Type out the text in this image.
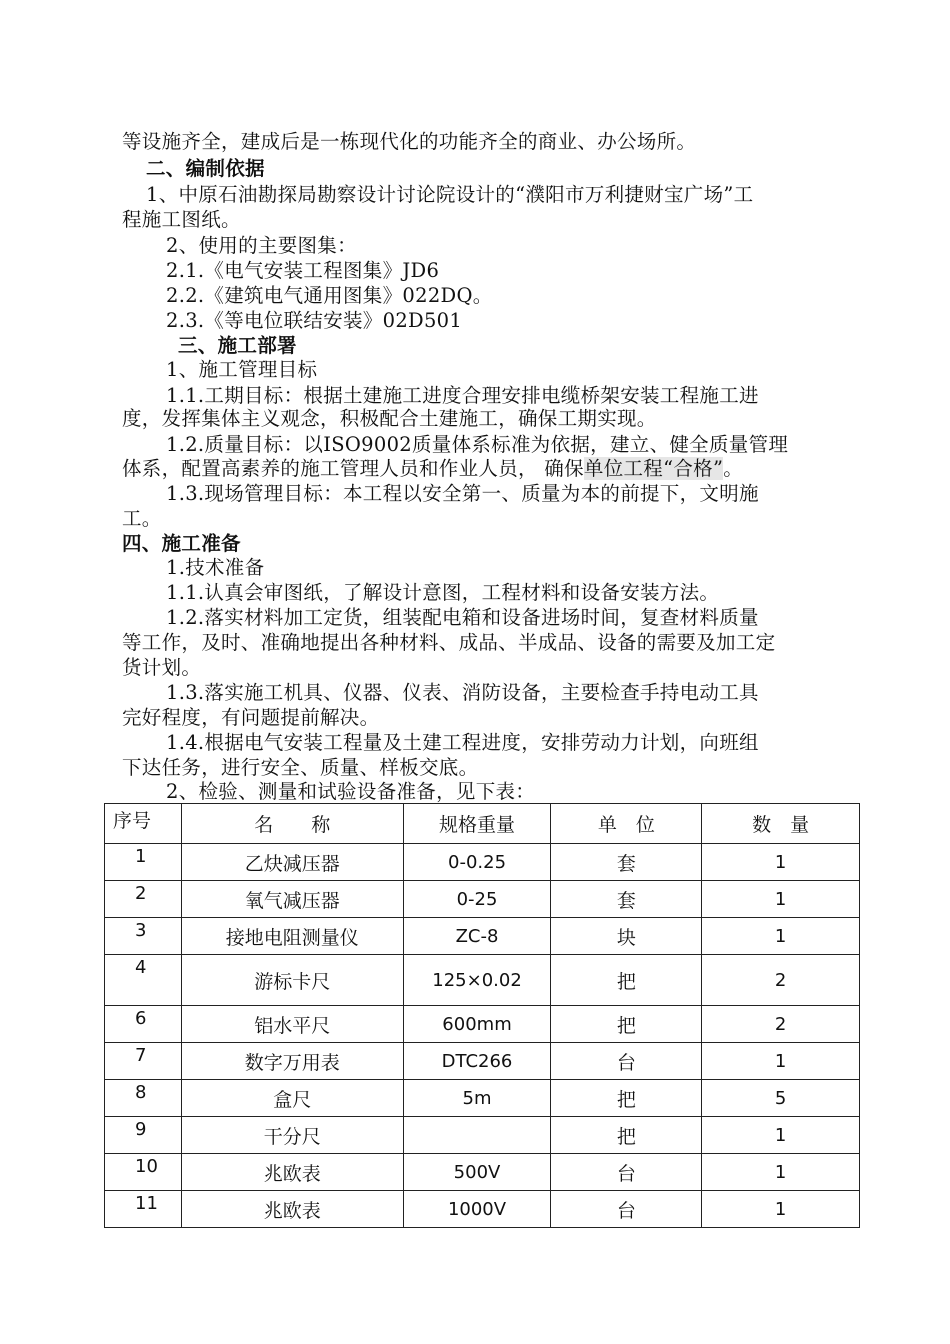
等设施齐全，建成后是一栋现代化的功能齐全的商业、办公场所。
二、编制依据
1、中原石油勘探局勘察设计讨论院设计的“濮阳市万利捷财宝广场”工
程施工图纸。
2、使用的主要图集：
2.1.《电气安装工程图集》JD6
2.2.《建筑电气通用图集》022DQ。
2.3.《等电位联结安装》02D501
三、施工部署
1、施工管理目标
1.1.工期目标：根据土建施工进度合理安排电缆桥架安装工程施工进
度，发挥集体主义观念，积极配合土建施工，确保工期实现。
1.2.质量目标：以ISO9002质量体系标准为依据，建立、健全质量管理
体系，配置高素养的施工管理人员和作业人员， 确保单位工程“合格”。
1.3.现场管理目标：本工程以安全第一、质量为本的前提下，文明施
工。
四、施工准备
1.技术准备
1.1.认真会审图纸，了解设计意图，工程材料和设备安装方法。
1.2.落实材料加工定货，组装配电箱和设备进场时间，复查材料质量
等工作，及时、准确地提出各种材料、成品、半成品、设备的需要及加工定
货计划。
1.3.落实施工机具、仪器、仪表、消防设备，主要检查手持电动工具
完好程度，有问题提前解决。
1.4.根据电气安装工程量及土建工程进度，安排劳动力计划，向班组
下达任务，进行安全、质量、样板交底。
2、检验、测量和试验设备准备，见下表：
序号	名　　称	规格重量	单　位	数　量
1	乙炔减压器	0-0.25	套	1
2	氧气减压器	0-25	套	1
3	接地电阻测量仪	ZC-8	块	1
4	游标卡尺	125×0.02	把	2
6	铝水平尺	600mm	把	2
7	数字万用表	DTC266	台	1
8	盒尺	5m	把	5
9	干分尺		把	1
10	兆欧表	500V	台	1
11	兆欧表	1000V	台	1
